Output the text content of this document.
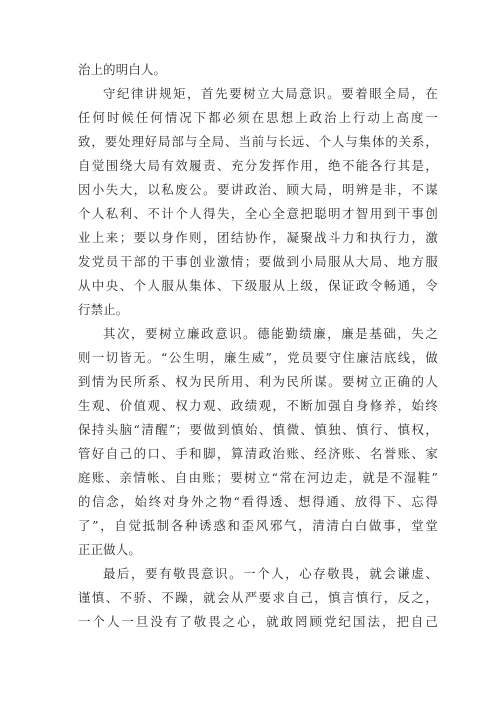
治上的明白人。
守纪律讲规矩，首先要树立大局意识。要着眼全局，在
任何时候任何情况下都必须在思想上政治上行动上高度一
致，要处理好局部与全局、当前与长远、个人与集体的关系，
自觉围绕大局有效履责、充分发挥作用，绝不能各行其是，
因小失大，以私废公。要讲政治、顾大局，明辨是非，不谋
个人私利、不计个人得失，全心全意把聪明才智用到干事创
业上来；要以身作则，团结协作，凝聚战斗力和执行力，激
发党员干部的干事创业激情；要做到小局服从大局、地方服
从中央、个人服从集体、下级服从上级，保证政令畅通，令
行禁止。
其次，要树立廉政意识。德能勤绩廉，廉是基础，失之
则一切皆无。“公生明，廉生威”，党员要守住廉洁底线，做
到情为民所系、权为民所用、利为民所谋。要树立正确的人
生观、价值观、权力观、政绩观，不断加强自身修养，始终
保持头脑“清醒”；要做到慎始、慎微、慎独、慎行、慎权，
管好自己的口、手和脚，算清政治账、经济账、名誉账、家
庭账、亲情帐、自由账；要树立“常在河边走，就是不湿鞋”
的信念，始终对身外之物“看得透、想得通、放得下、忘得
了”，自觉抵制各种诱惑和歪风邪气，清清白白做事，堂堂
正正做人。
最后，要有敬畏意识。一个人，心存敬畏，就会谦虚、
谨慎、不骄、不躁，就会从严要求自己，慎言慎行，反之，
一个人一旦没有了敬畏之心，就敢罔顾党纪国法，把自己
